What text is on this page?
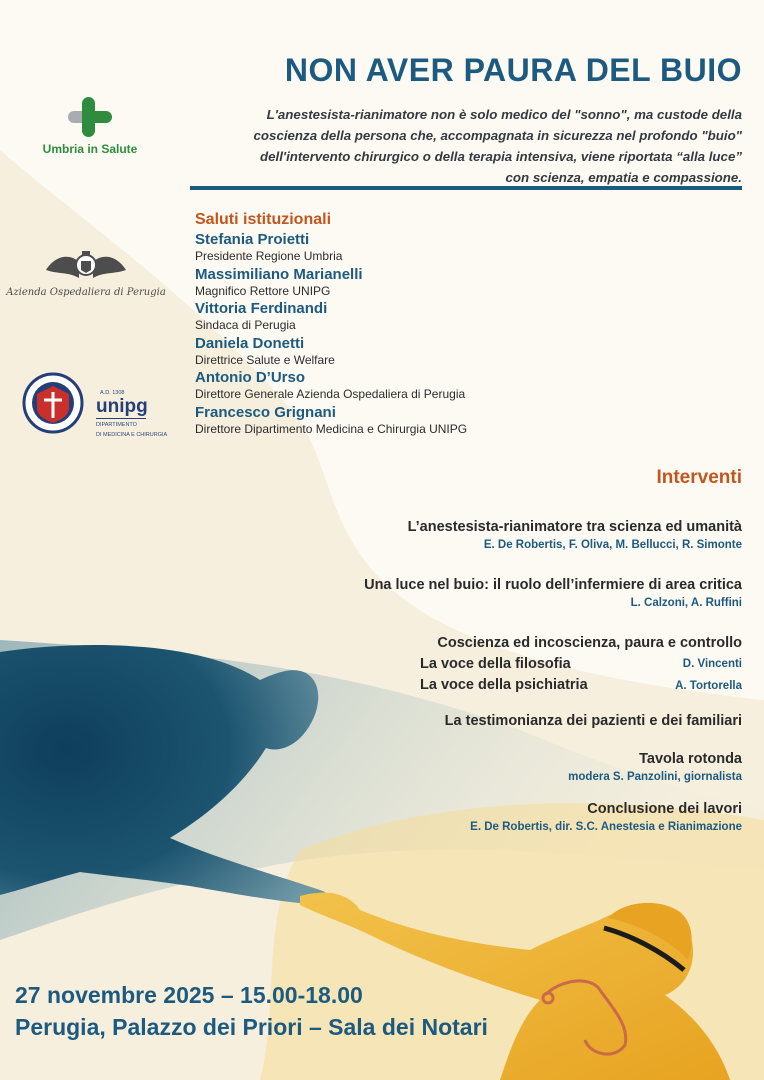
Umbria in Salute
Azienda Ospedaliera di Perugia
A.D. 1308
unipg
DIPARTIMENTO
DI MEDICINA E CHIRURGIA
NON AVER PAURA DEL BUIO
L'anestesista-rianimatore non è solo medico del "sonno", ma custode della
coscienza della persona che, accompagnata in sicurezza nel profondo "buio"
dell'intervento chirurgico o della terapia intensiva, viene riportata “alla luce”
con scienza, empatia e compassione.
Saluti istituzionali
Stefania Proietti
Presidente Regione Umbria
Massimiliano Marianelli
Magnifico Rettore UNIPG
Vittoria Ferdinandi
Sindaca di Perugia
Daniela Donetti
Direttrice Salute e Welfare
Antonio D’Urso
Direttore Generale Azienda Ospedaliera di Perugia
Francesco Grignani
Direttore Dipartimento Medicina e Chirurgia UNIPG
Interventi
L’anestesista-rianimatore tra scienza ed umanità
E. De Robertis, F. Oliva, M. Bellucci, R. Simonte
Una luce nel buio: il ruolo dell’infermiere di area critica
L. Calzoni, A. Ruffini
Coscienza ed incoscienza, paura e controllo
La voce della filosofia	D. Vincenti
La voce della psichiatria	A. Tortorella
La testimonianza dei pazienti e dei familiari
Tavola rotonda
modera S. Panzolini, giornalista
Conclusione dei lavori
E. De Robertis, dir. S.C. Anestesia e Rianimazione
27 novembre 2025 – 15.00-18.00
Perugia, Palazzo dei Priori – Sala dei Notari
